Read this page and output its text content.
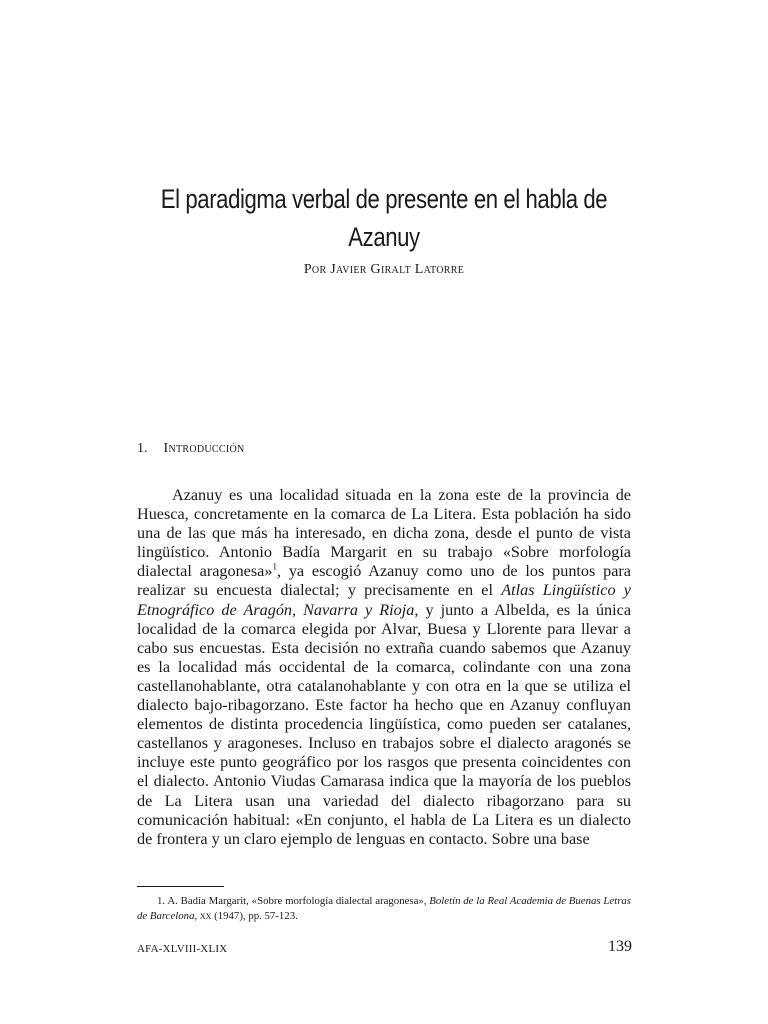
El paradigma verbal de presente en el habla de
Azanuy
Por Javier Giralt Latorre
1. Introducción

Azanuy es una localidad situada en la zona este de la provincia de Huesca, concretamente en la comarca de La Litera. Esta población ha sido una de las que más ha interesado, en dicha zona, desde el punto de vista lingüístico. Antonio Badía Margarit en su trabajo «Sobre morfología dialectal aragonesa»$^1$, ya escogió Azanuy como uno de los puntos para realizar su encuesta dialectal; y precisamente en el Atlas Lingüístico y Etnográfico de Aragón, Navarra y Rioja, y junto a Albelda, es la única localidad de la comarca elegida por Alvar, Buesa y Llorente para llevar a cabo sus encuestas. Esta decisión no extraña cuando sabemos que Azanuy es la localidad más occidental de la comarca, colindante con una zona castellanohablante, otra catalanohablante y con otra en la que se utiliza el dialecto bajo-ribagorzano. Este factor ha hecho que en Azanuy confluyan elementos de distinta procedencia lingüística, como pueden ser catalanes, castellanos y aragoneses. Incluso en trabajos sobre el dialecto aragonés se incluye este punto geográfico por los rasgos que presenta coincidentes con el dialecto. Antonio Viudas Camarasa indica que la mayoría de los pueblos de La Litera usan una variedad del dialecto ribagorzano para su comunicación habitual: «En conjunto, el habla de La Litera es un dialecto de frontera y un claro ejemplo de lenguas en contacto. Sobre una base

1. A. Badía Margarit, «Sobre morfología dialectal aragonesa», Boletín de la Real Academia de Buenas Letras de Barcelona, xx (1947), pp. 57-123.

AFA-XLVIII-XLIX	139
